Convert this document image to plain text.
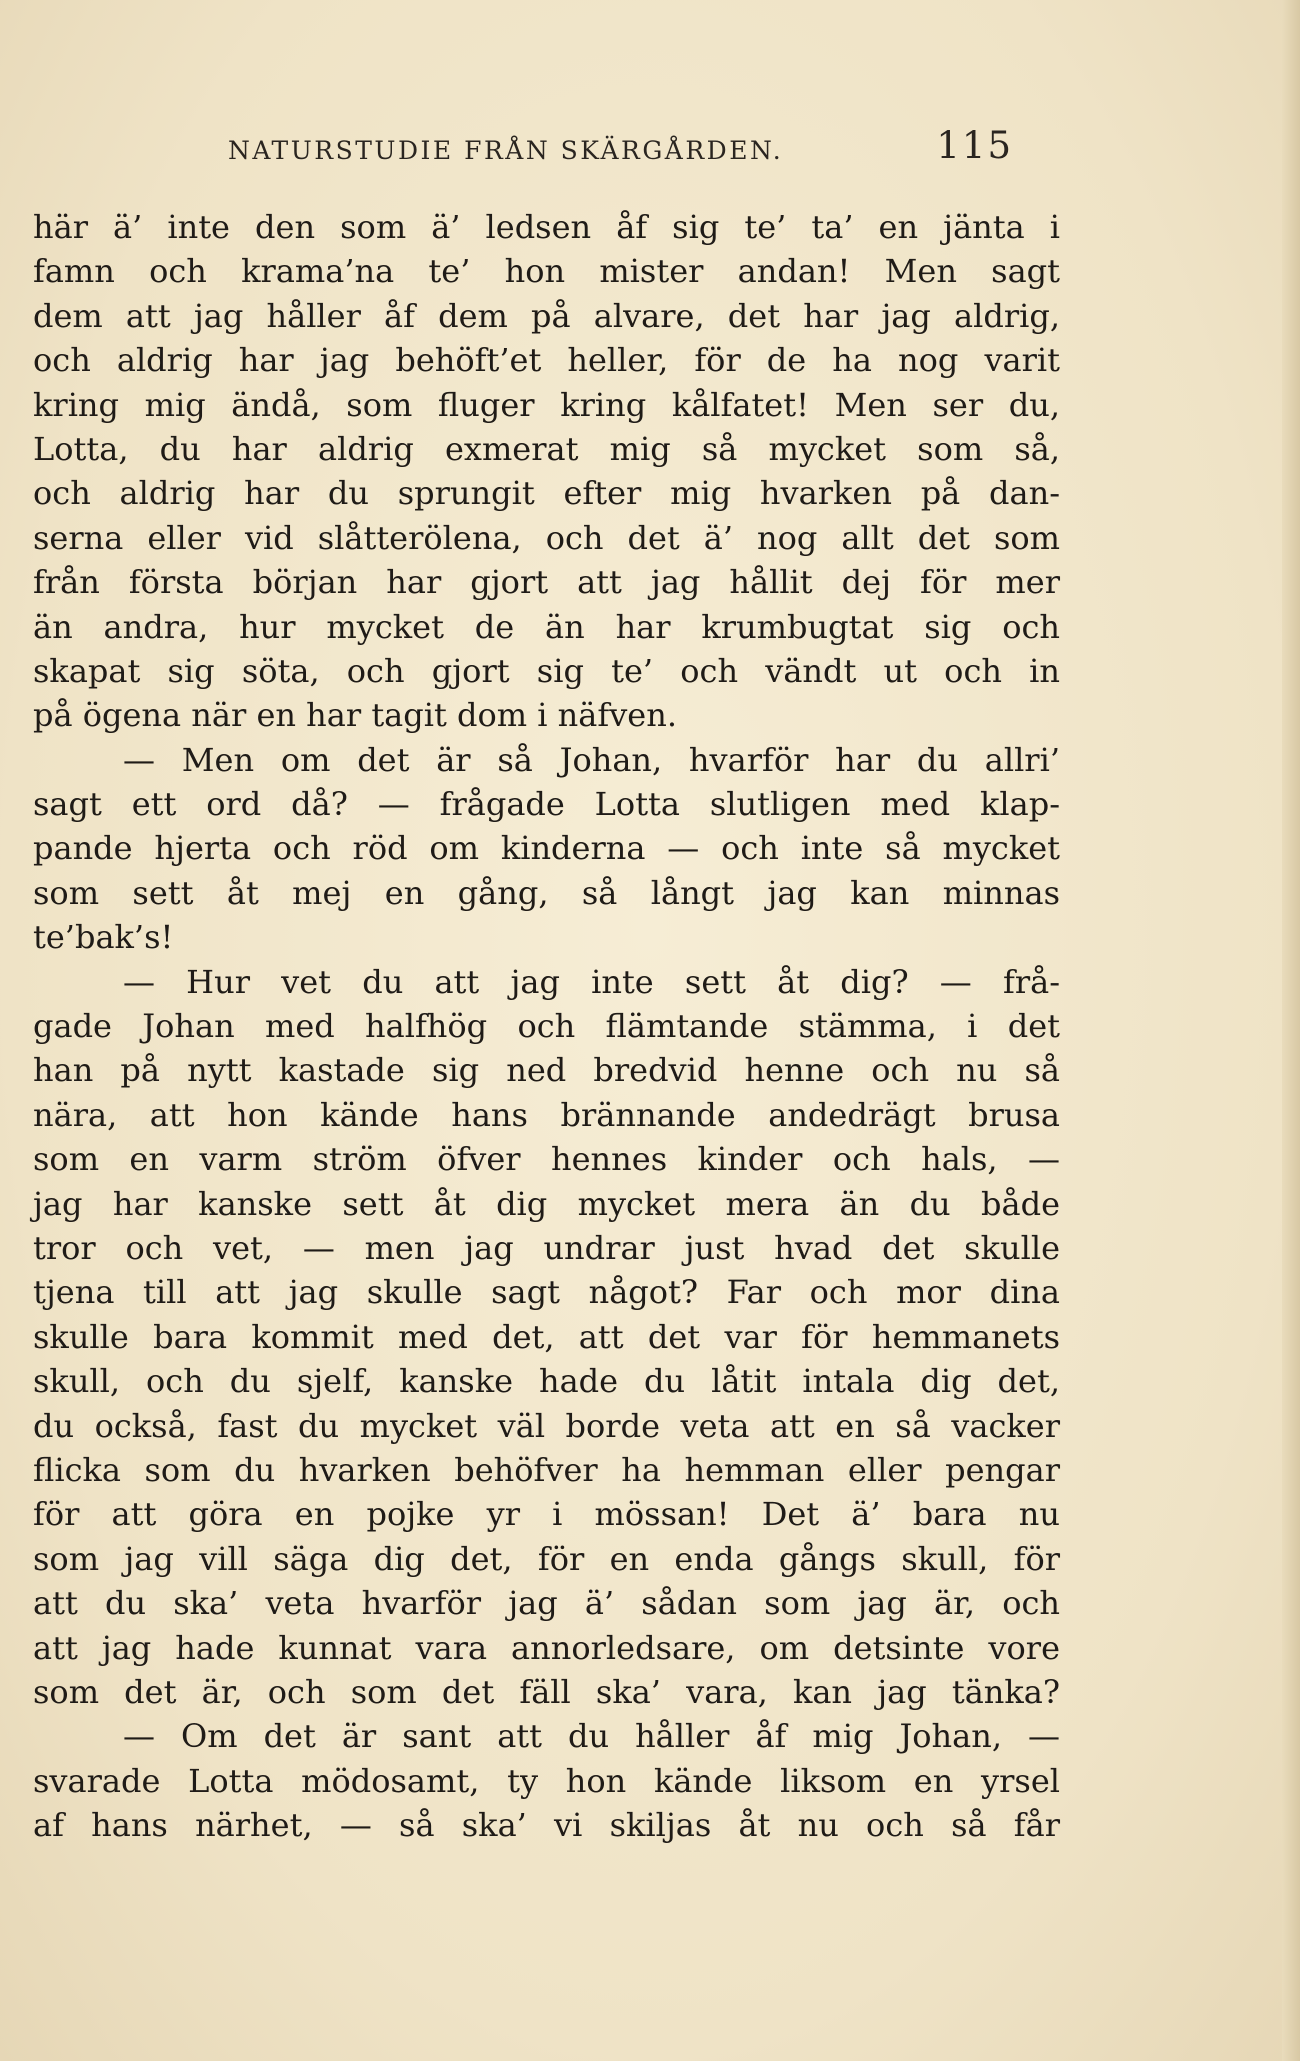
NATURSTUDIE FRÅN SKÄRGÅRDEN.	115
här ä’ inte den som ä’ ledsen åf sig te’ ta’ en jänta i
famn och krama’na te’ hon mister andan! Men sagt
dem att jag håller åf dem på alvare, det har jag aldrig,
och aldrig har jag behöft’et heller, för de ha nog varit
kring mig ändå, som fluger kring kålfatet! Men ser du,
Lotta, du har aldrig exmerat mig så mycket som så,
och aldrig har du sprungit efter mig hvarken på dan-
serna eller vid slåtterölena, och det ä’ nog allt det som
från första början har gjort att jag hållit dej för mer
än andra, hur mycket de än har krumbugtat sig och
skapat sig söta, och gjort sig te’ och vändt ut och in
på ögena när en har tagit dom i näfven.
— Men om det är så Johan, hvarför har du allri’
sagt ett ord då? — frågade Lotta slutligen med klap-
pande hjerta och röd om kinderna — och inte så mycket
som sett åt mej en gång, så långt jag kan minnas
te’bak’s!
— Hur vet du att jag inte sett åt dig? — frå-
gade Johan med halfhög och flämtande stämma, i det
han på nytt kastade sig ned bredvid henne och nu så
nära, att hon kände hans brännande andedrägt brusa
som en varm ström öfver hennes kinder och hals, —
jag har kanske sett åt dig mycket mera än du både
tror och vet, — men jag undrar just hvad det skulle
tjena till att jag skulle sagt något? Far och mor dina
skulle bara kommit med det, att det var för hemmanets
skull, och du sjelf, kanske hade du låtit intala dig det,
du också, fast du mycket väl borde veta att en så vacker
flicka som du hvarken behöfver ha hemman eller pengar
för att göra en pojke yr i mössan! Det ä’ bara nu
som jag vill säga dig det, för en enda gångs skull, för
att du ska’ veta hvarför jag ä’ sådan som jag är, och
att jag hade kunnat vara annorledsare, om detsinte vore
som det är, och som det fäll ska’ vara, kan jag tänka?
— Om det är sant att du håller åf mig Johan, —
svarade Lotta mödosamt, ty hon kände liksom en yrsel
af hans närhet, — så ska’ vi skiljas åt nu och så får
